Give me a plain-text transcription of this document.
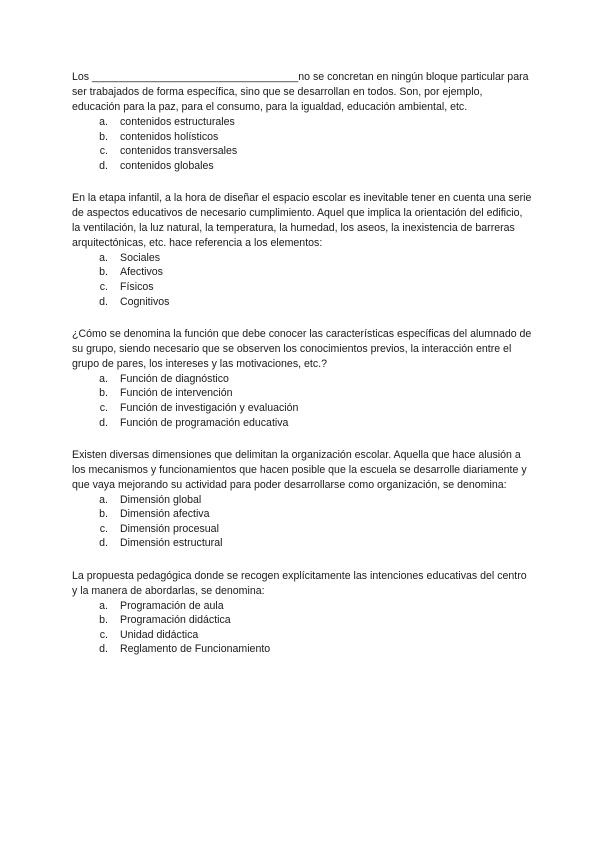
Los ___________________________________no se concretan en ningún bloque particular para ser trabajados de forma específica, sino que se desarrollan en todos. Son, por ejemplo, educación para la paz, para el consumo, para la igualdad, educación ambiental, etc.

a.	contenidos estructurales
b.	contenidos holísticos
c.	contenidos transversales
d.	contenidos globales

En la etapa infantil, a la hora de diseñar el espacio escolar es inevitable tener en cuenta una serie de aspectos educativos de necesario cumplimiento. Aquel que implica la orientación del edificio, la ventilación, la luz natural, la temperatura, la humedad, los aseos, la inexistencia de barreras arquitectónicas, etc. hace referencia a los elementos:

a.	Sociales
b.	Afectivos
c.	Físicos
d.	Cognitivos

¿Cómo se denomina la función que debe conocer las características específicas del alumnado de su grupo, siendo necesario que se observen los conocimientos previos, la interacción entre el grupo de pares, los intereses y las motivaciones, etc.?

a.	Función de diagnóstico
b.	Función de intervención
c.	Función de investigación y evaluación
d.	Función de programación educativa

Existen diversas dimensiones que delimitan la organización escolar. Aquella que hace alusión a los mecanismos y funcionamientos que hacen posible que la escuela se desarrolle diariamente y que vaya mejorando su actividad para poder desarrollarse como organización, se denomina:

a.	Dimensión global
b.	Dimensión afectiva
c.	Dimensión procesual
d.	Dimensión estructural

La propuesta pedagógica donde se recogen explícitamente las intenciones educativas del centro y la manera de abordarlas, se denomina:

a.	Programación de aula
b.	Programación didáctica
c.	Unidad didáctica
d.	Reglamento de Funcionamiento
